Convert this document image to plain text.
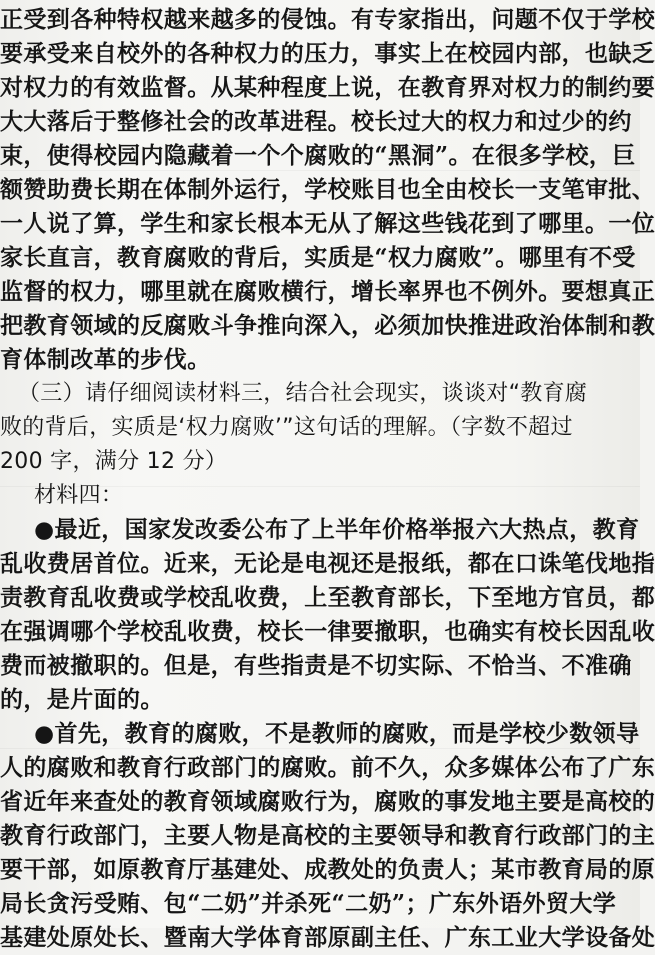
正受到各种特权越来越多的侵蚀。有专家指出，问题不仅于学校
要承受来自校外的各种权力的压力，事实上在校园内部，也缺乏
对权力的有效监督。从某种程度上说，在教育界对权力的制约要
大大落后于整修社会的改革进程。校长过大的权力和过少的约
束，使得校园内隐藏着一个个腐败的“黑洞”。在很多学校，巨
额赞助费长期在体制外运行，学校账目也全由校长一支笔审批、
一人说了算，学生和家长根本无从了解这些钱花到了哪里。一位
家长直言，教育腐败的背后，实质是“权力腐败”。哪里有不受
监督的权力，哪里就在腐败横行，增长率界也不例外。要想真正
把教育领域的反腐败斗争推向深入，必须加快推进政治体制和教
育体制改革的步伐。
（三）请仔细阅读材料三，结合社会现实，谈谈对“教育腐
败的背后，实质是‘权力腐败’”这句话的理解。（字数不超过
200 字，满分 12 分）
材料四：
●最近，国家发改委公布了上半年价格举报六大热点，教育
乱收费居首位。近来，无论是电视还是报纸，都在口诛笔伐地指
责教育乱收费或学校乱收费，上至教育部长，下至地方官员，都
在强调哪个学校乱收费，校长一律要撤职，也确实有校长因乱收
费而被撤职的。但是，有些指责是不切实际、不恰当、不准确
的，是片面的。
●首先，教育的腐败，不是教师的腐败，而是学校少数领导
人的腐败和教育行政部门的腐败。前不久，众多媒体公布了广东
省近年来查处的教育领域腐败行为，腐败的事发地主要是高校的
教育行政部门，主要人物是高校的主要领导和教育行政部门的主
要干部，如原教育厅基建处、成教处的负责人；某市教育局的原
局长贪污受贿、包“二奶”并杀死“二奶”；广东外语外贸大学
基建处原处长、暨南大学体育部原副主任、广东工业大学设备处
